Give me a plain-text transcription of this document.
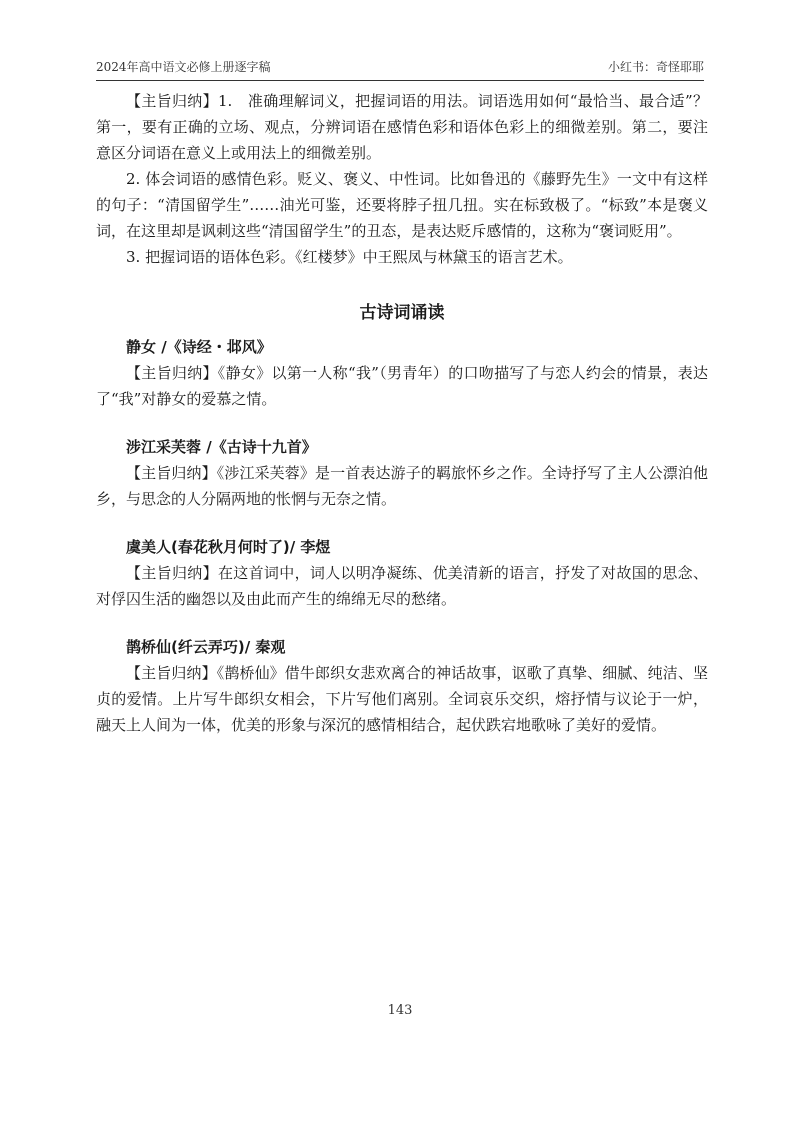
2024年高中语文必修上册逐字稿	小红书：奇怪耶耶

【主旨归纳】1.　准确理解词义，把握词语的用法。词语选用如何“最恰当、最合适”？第一，要有正确的立场、观点，分辨词语在感情色彩和语体色彩上的细微差别。第二，要注意区分词语在意义上或用法上的细微差别。

2. 体会词语的感情色彩。贬义、褒义、中性词。比如鲁迅的《藤野先生》一文中有这样的句子：“清国留学生”……油光可鉴，还要将脖子扭几扭。实在标致极了。“标致”本是褒义词，在这里却是讽刺这些“清国留学生”的丑态，是表达贬斥感情的，这称为“褒词贬用”。

3. 把握词语的语体色彩。《红楼梦》中王熙凤与林黛玉的语言艺术。

古诗词诵读

静女 /《诗经・邶风》

【主旨归纳】《静女》以第一人称“我”（男青年）的口吻描写了与恋人约会的情景，表达了“我”对静女的爱慕之情。

涉江采芙蓉 /《古诗十九首》

【主旨归纳】《涉江采芙蓉》是一首表达游子的羁旅怀乡之作。全诗抒写了主人公漂泊他乡，与思念的人分隔两地的怅惘与无奈之情。

虞美人(春花秋月何时了)/ 李煜

【主旨归纳】在这首词中，词人以明净凝练、优美清新的语言，抒发了对故国的思念、对俘囚生活的幽怨以及由此而产生的绵绵无尽的愁绪。

鹊桥仙(纤云弄巧)/ 秦观

【主旨归纳】《鹊桥仙》借牛郎织女悲欢离合的神话故事，讴歌了真挚、细腻、纯洁、坚贞的爱情。上片写牛郎织女相会，下片写他们离别。全词哀乐交织，熔抒情与议论于一炉，融天上人间为一体，优美的形象与深沉的感情相结合，起伏跌宕地歌咏了美好的爱情。

143
